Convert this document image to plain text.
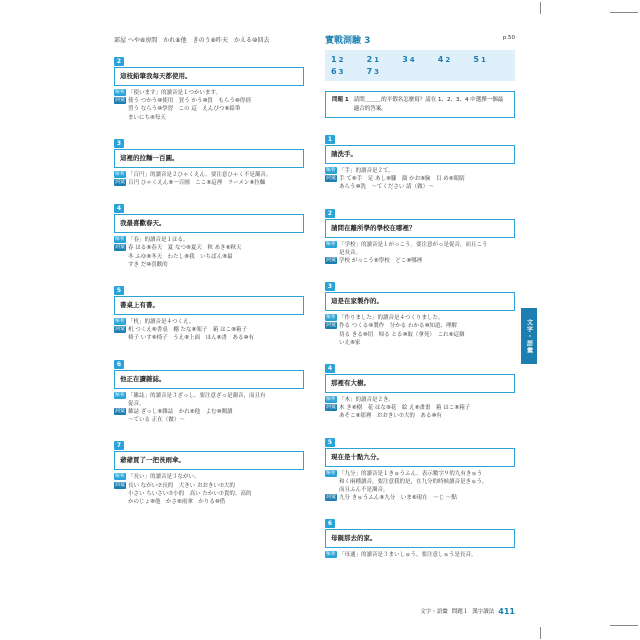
部屋 へや⑧房間　かれ⑧他　きのう⑧昨天　かえる⑩回去
2
這枝鉛筆我每天都使用。
解析 「使います」的讀音是１つかいます。
詞彙 使う つかう⑩使用　買う かう⑩買　もらう⑩得到
習う ならう⑩學習　この 這　えんぴつ⑧鉛筆
まいにち⑧每天
3
這裡的拉麵一百圓。
解析 「百円」的讀音是２ひゃくえん。要注意ひゃく不是濁音。
詞彙 百円 ひゃくえん⑧一百圓　ここ⑧這裡　ラーメン⑧拉麵
4
我最喜歡春天。
解析 「春」的讀音是１はる。
詞彙 春 はる⑧春天　夏 なつ⑧夏天　秋 あき⑧秋天
冬 ふゆ⑧冬天　わたし⑧我　いちばん⑧最
すき だ⑩喜歡的
5
書桌上有書。
解析 「机」的讀音是４つくえ。
詞彙 机 つくえ⑧書桌　棚 たな⑧架子　箱 はこ⑧箱子
椅子 いす⑧椅子　うえ⑧上面　ほん⑧書　ある⑩有
6
他正在讀雜誌。
解析 「雑誌」的讀音是３ざっし。要注意ざっ是濁音，而且有
促音。
詞彙 雑誌 ざっし⑧雜誌　かれ⑧他　よむ⑩閱讀
〜ている 正在（做）〜
7
爺爺買了一把長雨傘。
解析 「長い」的讀音是３ながい。
詞彙 長い ながい⑦長的　大きい おおきい⑦大的
小さい ちいさい⑦小的　高い たかい⑦貴的、高的
かのじょ⑧他　かさ⑧雨傘　かりる⑩借
實戰測驗 3	p.50
1 2	2 1	3 4	4 2	5 1
6 3	7 3
問題 1 請問＿＿＿的平假名怎麼寫？請在 1、2、3、4 中選擇一個最適合的答案。
1
請洗手。
解析 「手」的讀音是２て。
詞彙 手 て⑧手　足 あし⑧腳　顔 かお⑧臉　目 め⑧眼睛
あらう⑩洗　〜てください 請（做）〜
2
請問在離所學的學校在哪裡？
解析 「学校」的讀音是１がっこう。要注意がっ是促音，而且こう
是長音。
詞彙 学校 がっこう⑧學校　どこ⑧哪裡
3
這是在家製作的。
解析 「作りました」的讀音是４つくりました。
詞彙 作る つくる⑩製作　分かる わかる⑩知道、理解
切る きる⑩切　帰る とる⑩取（拿死）　これ⑧這個
いえ⑧家
4
那裡有大樹。
解析 「木」的讀音是２き。
詞彙 木 き⑧樹　花 はな⑧花　絵 え⑧畫畫　箱 はこ⑧箱子
あそこ⑧那裡　おおきい⑦大的　ある⑩有
5
現在是十點九分。
解析 「九分」的讀音是１きゅうふん。表示數字９的九有きゅう
和く兩種讀音，要注意我的是，在九分的時候讀音是きゅう，
而且ふん不是濁音。
詞彙 九分 きゅうふん⑧九分　いま⑧現在　〜じ 〜點
6
母親那去的家。
解析 「母通」的讀音是３まいしゅう。要注意しゅう是長音。
文字・語彙
文字・語彙 問題１ 漢字讀法 411
